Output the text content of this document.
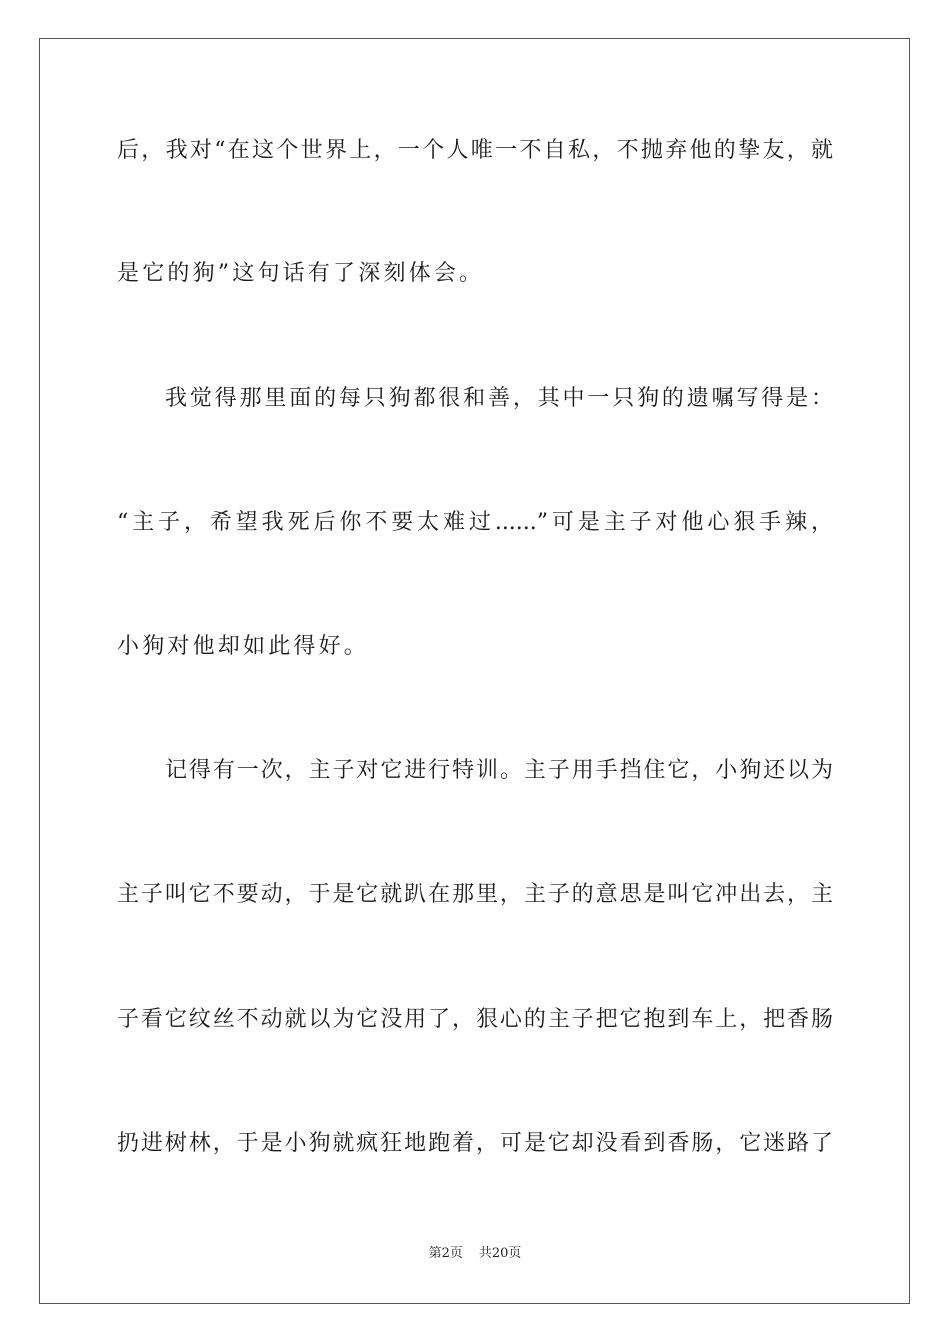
后，我对“在这个世界上，一个人唯一不自私，不抛弃他的挚友，就
是它的狗”这句话有了深刻体会。
我觉得那里面的每只狗都很和善，其中一只狗的遗嘱写得是：
“主子，希望我死后你不要太难过......”可是主子对他心狠手辣，
小狗对他却如此得好。
记得有一次，主子对它进行特训。主子用手挡住它，小狗还以为
主子叫它不要动，于是它就趴在那里，主子的意思是叫它冲出去，主
子看它纹丝不动就以为它没用了，狠心的主子把它抱到车上，把香肠
扔进树林，于是小狗就疯狂地跑着，可是它却没看到香肠，它迷路了
第2页 共20页
